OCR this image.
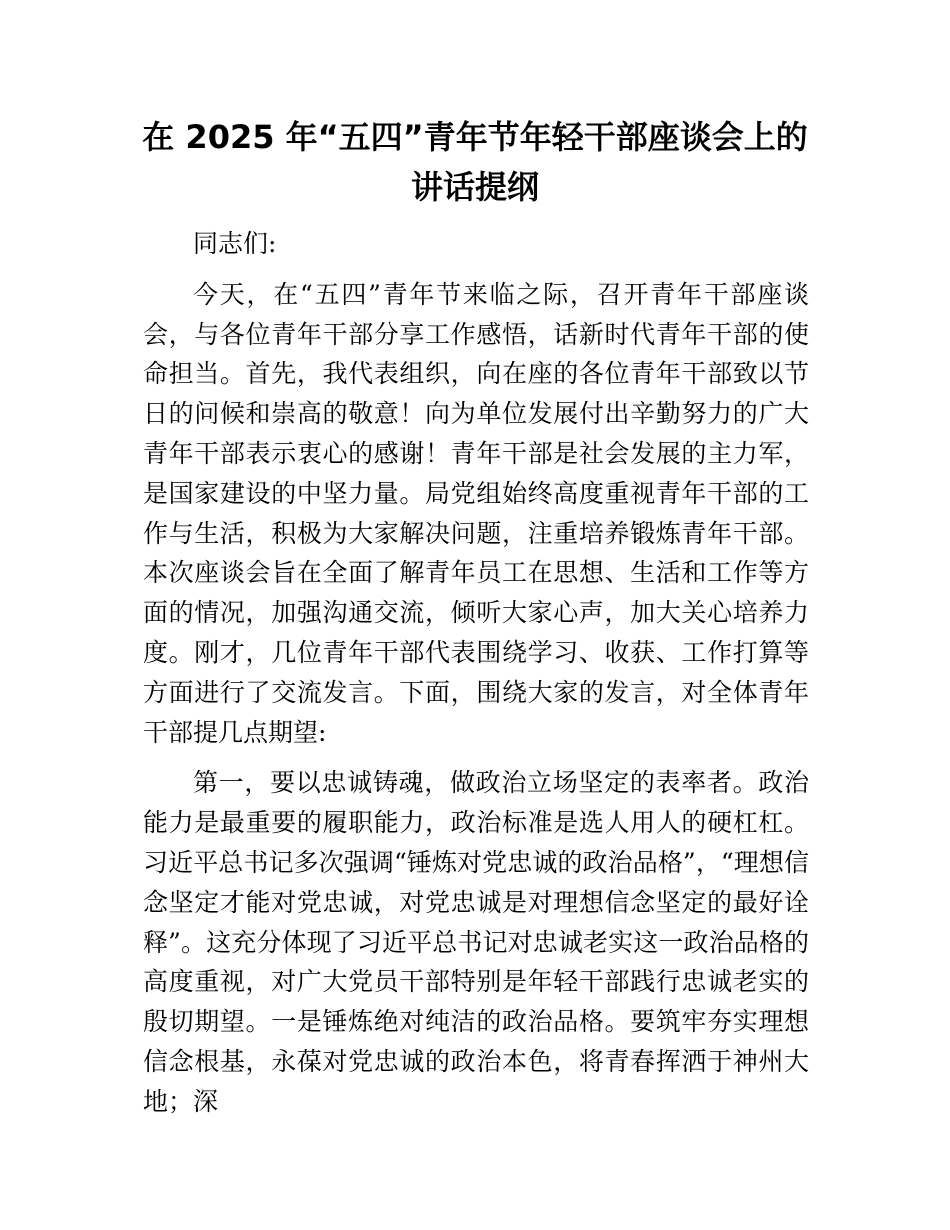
在 2025 年“五四”青年节年轻干部座谈会上的
讲话提纲

同志们:

今天，在“五四”青年节来临之际，召开青年干部座谈会，与各位青年干部分享工作感悟，话新时代青年干部的使命担当。首先，我代表组织，向在座的各位青年干部致以节日的问候和崇高的敬意！向为单位发展付出辛勤努力的广大青年干部表示衷心的感谢！青年干部是社会发展的主力军，是国家建设的中坚力量。局党组始终高度重视青年干部的工作与生活，积极为大家解决问题，注重培养锻炼青年干部。本次座谈会旨在全面了解青年员工在思想、生活和工作等方面的情况，加强沟通交流，倾听大家心声，加大关心培养力度。刚才，几位青年干部代表围绕学习、收获、工作打算等方面进行了交流发言。下面，围绕大家的发言，对全体青年干部提几点期望:

第一，要以忠诚铸魂，做政治立场坚定的表率者。政治能力是最重要的履职能力，政治标准是选人用人的硬杠杠。习近平总书记多次强调“锤炼对党忠诚的政治品格”，“理想信念坚定才能对党忠诚，对党忠诚是对理想信念坚定的最好诠释”。这充分体现了习近平总书记对忠诚老实这一政治品格的高度重视，对广大党员干部特别是年轻干部践行忠诚老实的殷切期望。一是锤炼绝对纯洁的政治品格。要筑牢夯实理想信念根基，永葆对党忠诚的政治本色，将青春挥洒于神州大地；深
